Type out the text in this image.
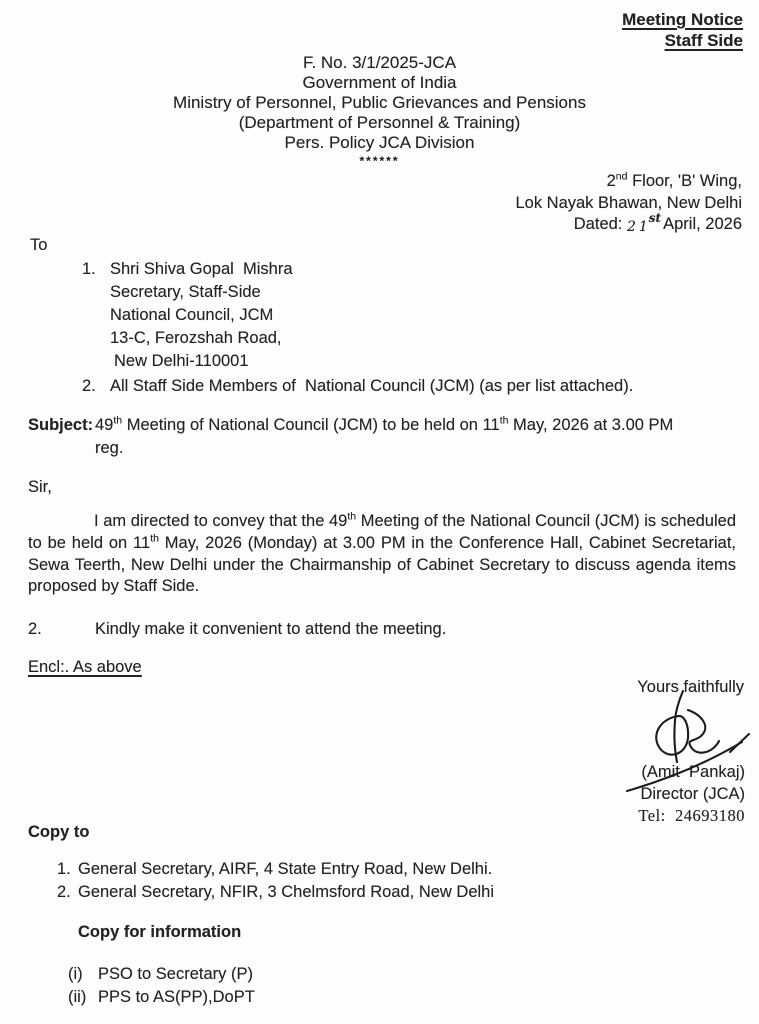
Meeting Notice
Staff Side
F. No. 3/1/2025-JCA
Government of India
Ministry of Personnel, Public Grievances and Pensions
(Department of Personnel & Training)
Pers. Policy JCA Division
******
2nd Floor, 'B' Wing,
Lok Nayak Bhawan, New Delhi
Dated: 21st April, 2026
To
1. Shri Shiva Gopal  Mishra
Secretary, Staff-Side
National Council, JCM
13-C, Ferozshah Road,
New Delhi-110001
2. All Staff Side Members of  National Council (JCM) (as per list attached).
Subject: 49th Meeting of National Council (JCM) to be held on 11th May, 2026 at 3.00 PM
reg.
Sir,
I am directed to convey that the 49th Meeting of the National Council (JCM) is scheduled to be held on 11th May, 2026 (Monday) at 3.00 PM in the Conference Hall, Cabinet Secretariat, Sewa Teerth, New Delhi under the Chairmanship of Cabinet Secretary to discuss agenda items proposed by Staff Side.
2.	Kindly make it convenient to attend the meeting.
Encl:. As above
Yours faithfully
(Amit  Pankaj)
Director (JCA)
Tel:  24693180
Copy to
1. General Secretary, AIRF, 4 State Entry Road, New Delhi.
2. General Secretary, NFIR, 3 Chelmsford Road, New Delhi
Copy for information
(i) PSO to Secretary (P)
(ii) PPS to AS(PP),DoPT
